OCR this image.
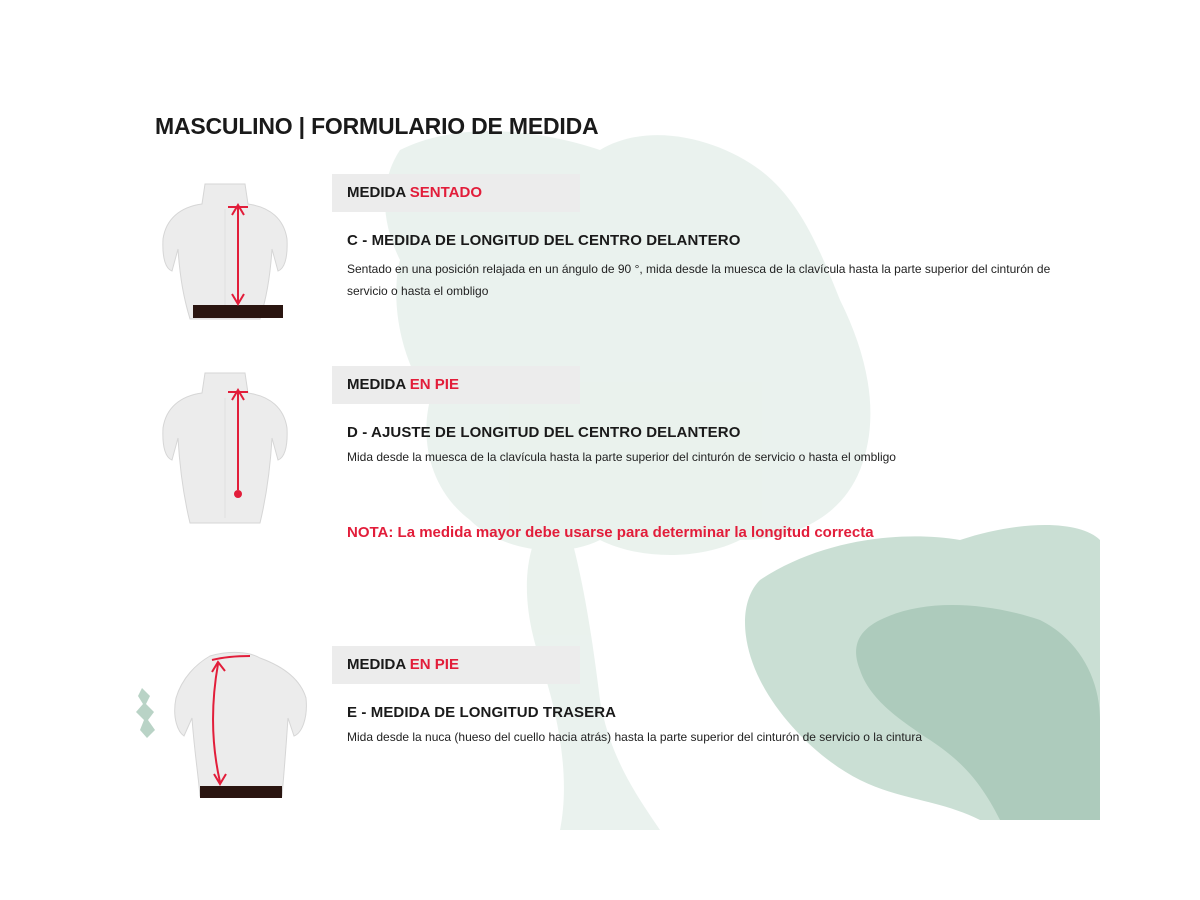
MASCULINO | FORMULARIO DE MEDIDA
MEDIDA SENTADO
C - MEDIDA DE LONGITUD DEL CENTRO DELANTERO

Sentado en una posición relajada en un ángulo de 90 °, mida desde la muesca de la clavícula hasta la parte superior del cinturón de servicio o hasta el ombligo

MEDIDA EN PIE
D - AJUSTE DE LONGITUD DEL CENTRO DELANTERO

Mida desde la muesca de la clavícula hasta la parte superior del cinturón de servicio o hasta el ombligo

NOTA: La medida mayor debe usarse para determinar la longitud correcta

MEDIDA EN PIE
E - MEDIDA DE LONGITUD TRASERA

Mida desde la nuca (hueso del cuello hacia atrás) hasta la parte superior del cinturón de servicio o la cintura
